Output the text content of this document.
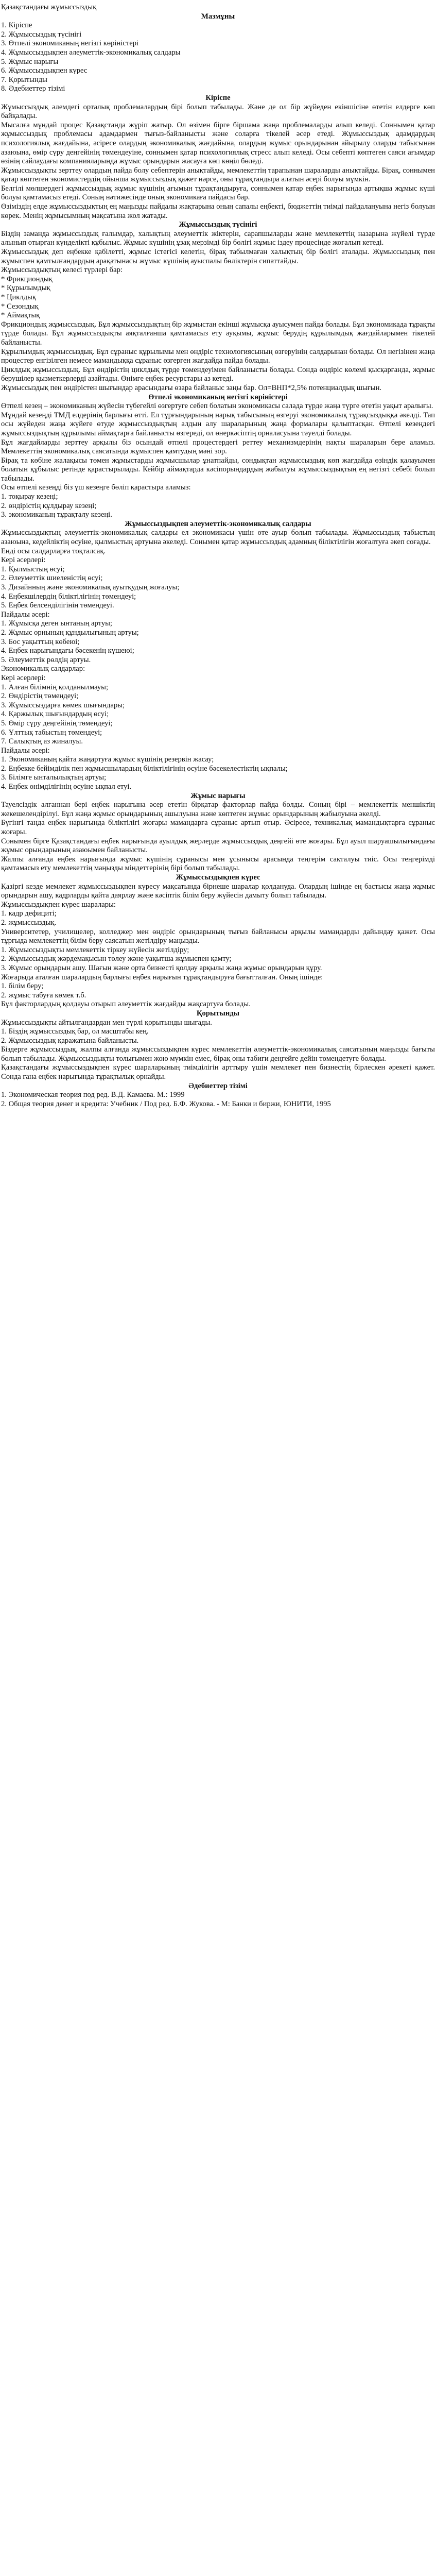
Қазақстандағы жұмыссыздық
Мазмұны
1. Кіріспе
2. Жұмыссыздық түсінігі
3. Өтпелі экономиканың негізгі көріністері
4. Жұмыссыздықпен әлеуметтік-экономикалық салдары
5. Жұмыс нарығы
6. Жұмыссыздықпен күрес
7. Қорытынды
8. Әдебиеттер тізімі
Кіріспе

Жұмыссыздық әлемдегі орталық проблемалардың бірі болып табылады. Және де ол бір жүйеден екіншісіне өтетін елдерге көп байқалады.

Мысалға мұндай процес Қазақстанда жүріп жатыр. Ол өзімен бірге біршама жаңа проблемаларды алып келеді. Соннымен қатар жұмыссыздық проблемасы адамдармен тығыз-байланысты және соларға тікелей әсер етеді. Жұмыссыздық адамдардың психологиялық жағдайына, әсіресе олардың экономикалық жағдайына, олардың жұмыс орындарынан айырылу оларды табысынан азаюына, өмір сүру деңгейінің төмендеуіне, соннымен қатар психологиялық стресс алып келеді. Осы себепті көптеген саяси ағымдар өзінің сайлаудағы компанияларында жұмыс орындарын жасауға көп көңіл бөледі.

Жұмыссыздықты зерттеу олардың пайда болу себептерін анықтайды, мемлекеттің тарапынан шараларды анықтайды. Бірақ, соннымен қатар көптеген экономистердің ойынша жұмыссыздық қажет нәрсе, оны тұрақтандыра алатын әсері болуы мүмкін.

Белгілі мөлшердегі жұмыссыздық жұмыс күшінің ағымын тұрақтандыруға, соннымен қатар еңбек нарығында артықша жұмыс күші болуы қамтамасыз етеді. Соның нәтижесінде оның экономикаға пайдасы бар.

Өзіміздің елде жұмыссыздықтың ең маңызды пайдалы жақтарына оның сапалы еңбекті, бюджеттің тиімді пайдалануына негіз болуын көрек. Менің жұмысымның мақсатына жол жатады.

Жұмыссыздық түсінігі

Біздің заманда жұмыссыздық ғалымдар, халықтың әлеуметтік жіктерін, сарапшыларды және мемлекеттің назарына жүйелі түрде алынып отырған күнделікті құбылыс. Жұмыс күшінің ұзақ мерзімді бір бөлігі жұмыс іздеу процесінде жоғалып кетеді.

Жұмыссыздық деп еңбекке қабілетті, жұмыс істегісі келетін, бірақ табылмаған халықтың бір бөлігі аталады. Жұмыссыздық пен жұмыспен қамтылғандардың арақатынасы жұмыс күшінің ауыспалы бөліктерін сипаттайды.

Жұмыссыздықтың келесі түрлері бар:

* Фрикциондық
* Құрылымдық
* Циклдық
* Сезондық
* Аймақтық

Фрикциондық жұмыссыздық. Бұл жұмыссыздықтың бір жұмыстан екінші жұмысқа ауысумен пайда болады. Бұл экономикада тұрақты түрде болады. Бұл жұмыссыздықты аяқталғанша қамтамасыз ету ауқымы, жұмыс берудің құрылымдық жағдайларымен тікелей байланысты.

Құрылымдық жұмыссыздық. Бұл сұраныс құрылымы мен өндіріс технологиясының өзгеруінің салдарынан болады. Ол негізінен жаңа процестер енгізілген немесе мамандыққа сұраныс өзгерген жағдайда пайда болады.

Циклдық жұмыссыздық. Бұл өндірістің циклдық түрде төмендеуімен байланысты болады. Сонда өндіріс көлемі қысқарғанда, жұмыс берушілер қызметкерлерді азайтады. Өнімге еңбек ресурстары аз кетеді.

Жұмыссыздық пен өндірістен шығындар арасындағы өзара байланыс заңы бар. Ол=ВНП*2,5% потенциалдық шығын.

Өтпелі экономиканың негізгі көріністері

Өтпелі кезең – экономиканың жүйесін түбегейлі өзгертуге себеп болатын экономикасы салада түрде жаңа түрге өтетін уақыт аралығы.

Мұндай кезеңді ТМД елдерінің барлығы өтті. Ел тұрғындарының нарық табысының өзгеруі экономикалық тұрақсыздыққа әкелді. Тап осы жүйеден жаңа жүйеге өтуде жұмыссыздықтың алдын алу шараларының жаңа формалары қалыптасқан. Өтпелі кезеңдегі жұмыссыздықтың құрылымы аймақтарға байланысты өзгереді, ол өнеркәсіптің орналасуына тәуелді болады.

Бұл жағдайларды зерттеу арқылы біз осындай өтпелі процестердегі реттеу механизмдерінің нақты шараларын бере аламыз. Мемлекеттің экономикалық саясатында жұмыспен қамтудың мәні зор.

Бірақ та көбіне жалақысы төмен жұмыстарды жұмысшылар ұнатпайды, сондықтан жұмыссыздық көп жағдайда өзіндік қалауымен болатын құбылыс ретінде қарастырылады. Кейбір аймақтарда кәсіпорындардың жабылуы жұмыссыздықтың ең негізгі себебі болып табылады.

Осы өтпелі кезеңді біз үш кезеңге бөліп қарастыра аламыз:

1. тоқырау кезеңі;
2. өндірістің құлдырау кезеңі;
3. экономиканың тұрақталу кезеңі.
Жұмыссыздықпен әлеуметтік-экономикалық салдары

Жұмыссыздықтың әлеуметтік-экономикалық салдары ел экономикасы үшін өте ауыр болып табылады. Жұмыссыздық табыстың азаюына, кедейліктің өсуіне, қылмыстың артуына әкеледі. Сонымен қатар жұмыссыздық адамның біліктілігін жоғалтуға әкеп соғады.

Енді осы салдарларға тоқталсақ.

Кері әсерлері:

1. Қылмыстың өсуі;
2. Әлеуметтік шиеленістің өсуі;
3. Дизайнның және экономикалық ауытқудың жоғалуы;
4. Еңбекшілердің біліктілігінің төмендеуі;
5. Еңбек белсенділігінің төмендеуі.

Пайдалы әсері:

1. Жұмысқа деген ынтаның артуы;
2. Жұмыс орнының құндылығының артуы;
3. Бос уақыттың көбеюі;
4. Еңбек нарығындағы бәсекенің күшеюі;
5. Әлеуметтік рөлдің артуы.

Экономикалық салдарлар:

Кері әсерлері:

1. Алған білімнің қолданылмауы;
2. Өндірістің төмендеуі;
3. Жұмыссыздарға көмек шығындары;
4. Қаржылық шығындардың өсуі;
5. Өмір сүру деңгейінің төмендеуі;
6. Ұлттық табыстың төмендеуі;
7. Салықтың аз жиналуы.

Пайдалы әсері:

1. Экономиканың қайта жаңартуға жұмыс күшінің резервін жасау;
2. Еңбекке бейімділік пен жұмысшылардың біліктілігінің өсуіне бәсекелестіктің ықпалы;
3. Білімге ынталылықтың артуы;
4. Еңбек өнімділігінің өсуіне ықпал етуі.
Жұмыс нарығы

Тауелсіздік алғаннан бері еңбек нарығына әсер ететін бірқатар факторлар пайда болды. Соның бірі – мемлекеттік меншіктің жекешелендірілуі. Бұл жаңа жұмыс орындарының ашылуына және көптеген жұмыс орындарының жабылуына әкелді.

Бүгінгі таңда еңбек нарығында біліктілігі жоғары мамандарға сұраныс артып отыр. Әсіресе, техникалық мамандықтарға сұраныс жоғары.

Сонымен бірге Қазақстандағы еңбек нарығында ауылдық жерлерде жұмыссыздық деңгейі өте жоғары. Бұл ауыл шаруашылығындағы жұмыс орындарының азаюымен байланысты.

Жалпы алғанда еңбек нарығында жұмыс күшінің сұранысы мен ұсынысы арасында теңгерім сақталуы тиіс. Осы теңгерімді қамтамасыз ету мемлекеттің маңызды міндеттерінің бірі болып табылады.

Жұмыссыздықпен күрес

Қазіргі кезде мемлекет жұмыссыздықпен күресу мақсатында бірнеше шаралар қолдануда. Олардың ішінде ең бастысы жаңа жұмыс орындарын ашу, кадрларды қайта даярлау және кәсіптік білім беру жүйесін дамыту болып табылады.

Жұмыссыздықпен күрес шаралары:

1. кадр дефициті;
2. жұмыссыздық.

Университетер, училищелер, колледжер мен өндіріс орындарының тығыз байланысы арқылы мамандарды дайындау қажет. Осы тұрғыда мемлекеттің білім беру саясатын жетілдіру маңызды.

1. Жұмыссыздықты мемлекеттік тіркеу жүйесін жетілдіру;

2. Жұмыссыздық жәрдемақысын төлеу және уақытша жұмыспен қамту;

3. Жұмыс орындарын ашу. Шағын және орта бизнесті қолдау арқылы жаңа жұмыс орындарын құру.

Жоғарыда аталған шаралардың барлығы еңбек нарығын тұрақтандыруға бағытталған. Оның ішінде:

1. білім беру;
2. жұмыс табуға көмек т.б.

Бұл факторлардың қолдауы отырып әлеуметтік жағдайды жақсартуға болады.

Қорытынды

Жұмыссыздықты айтылғандардан мен түрлі қорытынды шығады.

1. Біздің жұмыссыздық бар, ол масштабы кең.
2. Жұмыссыздық қаражатына байланысты.

Біздерге жұмыссыздық, жалпы алғанда жұмыссыздықпен күрес мемлекеттің әлеуметтік-экономикалық саясатының маңызды бағыты болып табылады. Жұмыссыздықты толығымен жою мүмкін емес, бірақ оны табиғи деңгейге дейін төмендетуге болады.

Қазақстандағы жұмыссыздықпен күрес шараларының тиімділігін арттыру үшін мемлекет пен бизнестің бірлескен әрекеті қажет. Сонда ғана еңбек нарығында тұрақтылық орнайды.

Әдебиеттер тізімі
1. Экономическая теория под ред. В.Д. Камаева. М.: 1999
2. Общая теория денег и кредита: Учебник / Под ред. Б.Ф. Жукова. - М: Банки и биржи, ЮНИТИ, 1995
